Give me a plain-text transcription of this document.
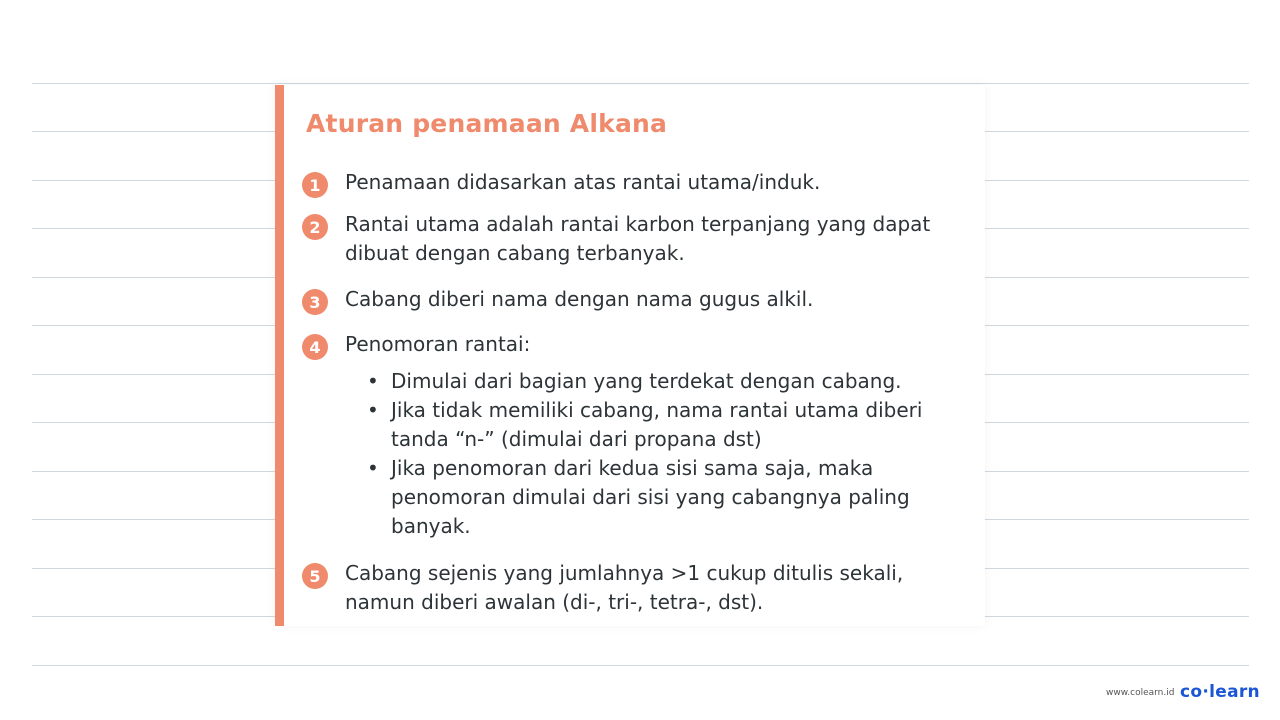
Aturan penamaan Alkana
1	Penamaan didasarkan atas rantai utama/induk.
2	Rantai utama adalah rantai karbon terpanjang yang dapat dibuat dengan cabang terbanyak.
3	Cabang diberi nama dengan nama gugus alkil.
4	Penomoran rantai:
• Dimulai dari bagian yang terdekat dengan cabang.
• Jika tidak memiliki cabang, nama rantai utama diberi tanda “n-” (dimulai dari propana dst)
• Jika penomoran dari kedua sisi sama saja, maka penomoran dimulai dari sisi yang cabangnya paling banyak.
5	Cabang sejenis yang jumlahnya >1 cukup ditulis sekali, namun diberi awalan (di-, tri-, tetra-, dst).
www.colearn.id co·learn
